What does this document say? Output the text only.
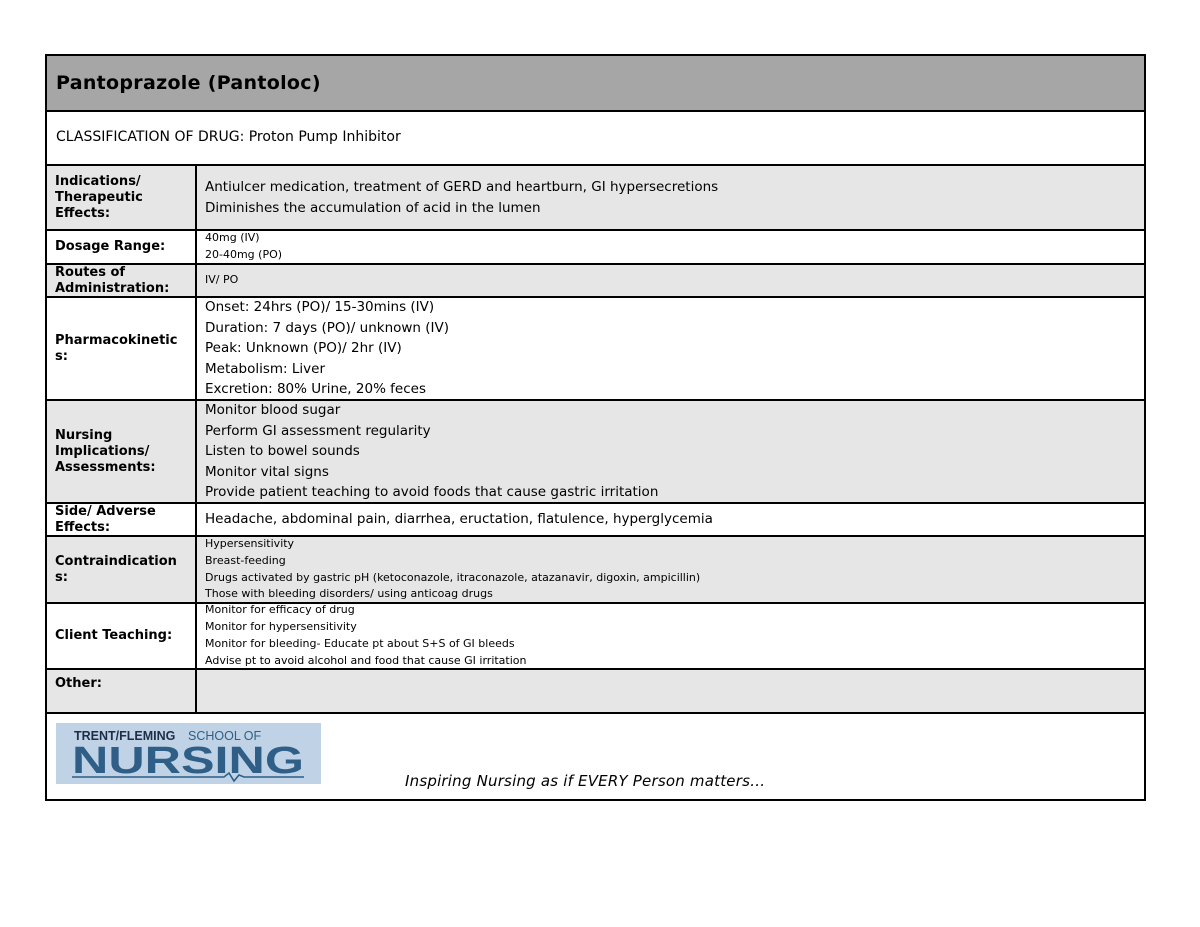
Pantoprazole (Pantoloc)
CLASSIFICATION OF DRUG: Proton Pump Inhibitor
Indications/ Therapeutic Effects:
Antiulcer medication, treatment of GERD and heartburn, GI hypersecretions
Diminishes the accumulation of acid in the lumen
Dosage Range:
40mg (IV)
20-40mg (PO)
Routes of Administration:
IV/ PO
Pharmacokinetics:
Onset: 24hrs (PO)/ 15-30mins (IV)
Duration: 7 days (PO)/ unknown (IV)
Peak: Unknown (PO)/ 2hr (IV)
Metabolism: Liver
Excretion: 80% Urine, 20% feces
Nursing Implications/ Assessments:
Monitor blood sugar
Perform GI assessment regularity
Listen to bowel sounds
Monitor vital signs
Provide patient teaching to avoid foods that cause gastric irritation
Side/ Adverse Effects:	Headache, abdominal pain, diarrhea, eructation, flatulence, hyperglycemia
Contraindications:
Hypersensitivity
Breast-feeding
Drugs activated by gastric pH (ketoconazole, itraconazole, atazanavir, digoxin, ampicillin)
Those with bleeding disorders/ using anticoag drugs
Client Teaching:
Monitor for efficacy of drug
Monitor for hypersensitivity
Monitor for bleeding- Educate pt about S+S of GI bleeds
Advise pt to avoid alcohol and food that cause GI irritation
Other:
TRENT/FLEMING SCHOOL OF
NURSING	Inspiring Nursing as if EVERY Person matters…
